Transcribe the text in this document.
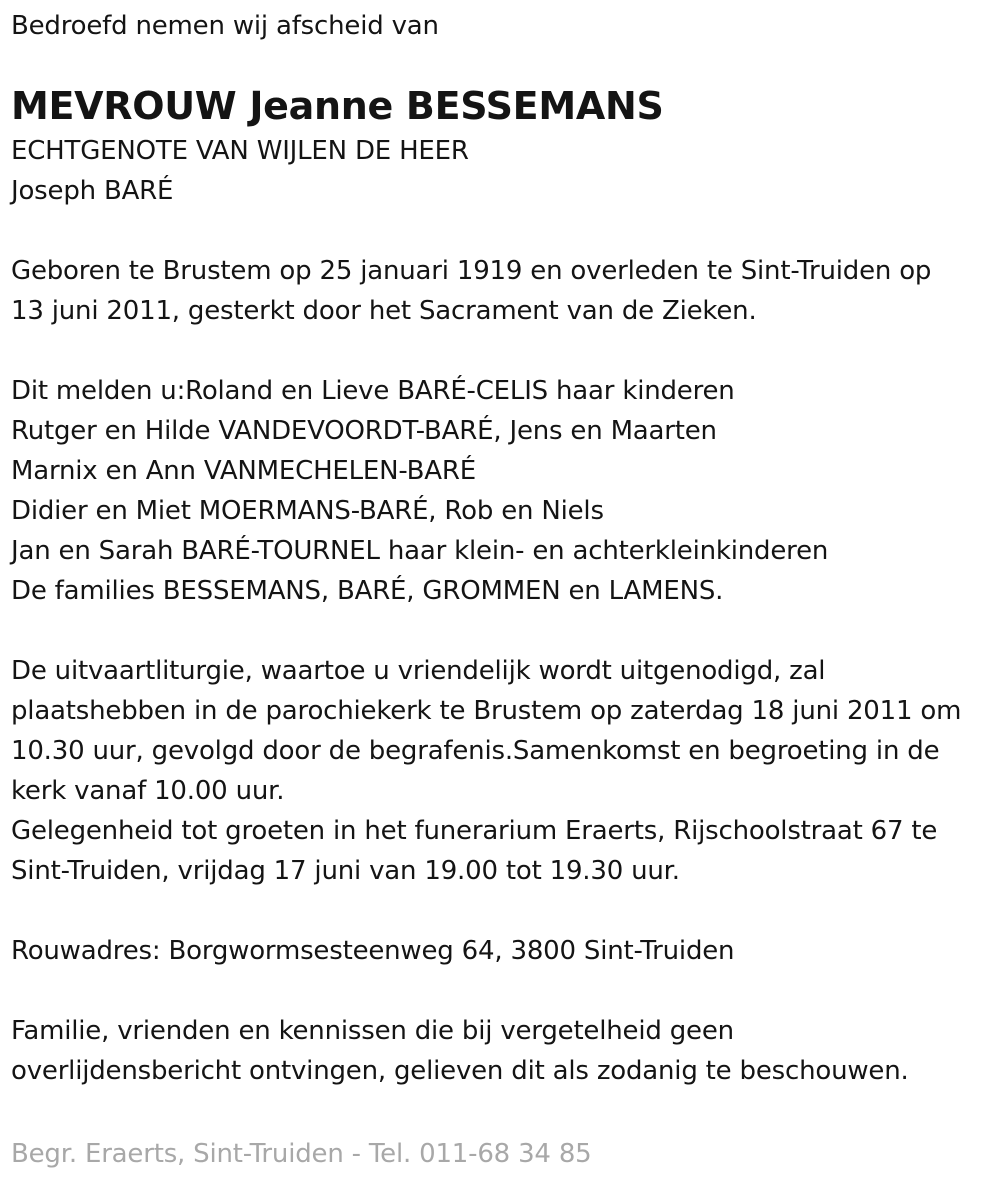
Bedroefd nemen wij afscheid van
MEVROUW Jeanne BESSEMANS
ECHTGENOTE VAN WIJLEN DE HEER
Joseph BARÉ
Geboren te Brustem op 25 januari 1919 en overleden te Sint-Truiden op
13 juni 2011, gesterkt door het Sacrament van de Zieken.
Dit melden u:Roland en Lieve BARÉ-CELIS haar kinderen
Rutger en Hilde VANDEVOORDT-BARÉ, Jens en Maarten
Marnix en Ann VANMECHELEN-BARÉ
Didier en Miet MOERMANS-BARÉ, Rob en Niels
Jan en Sarah BARÉ-TOURNEL haar klein- en achterkleinkinderen
De families BESSEMANS, BARÉ, GROMMEN en LAMENS.
De uitvaartliturgie, waartoe u vriendelijk wordt uitgenodigd, zal
plaatshebben in de parochiekerk te Brustem op zaterdag 18 juni 2011 om
10.30 uur, gevolgd door de begrafenis.Samenkomst en begroeting in de
kerk vanaf 10.00 uur.
Gelegenheid tot groeten in het funerarium Eraerts, Rijschoolstraat 67 te
Sint-Truiden, vrijdag 17 juni van 19.00 tot 19.30 uur.
Rouwadres: Borgwormsesteenweg 64, 3800 Sint-Truiden
Familie, vrienden en kennissen die bij vergetelheid geen
overlijdensbericht ontvingen, gelieven dit als zodanig te beschouwen.
Begr. Eraerts, Sint-Truiden - Tel. 011-68 34 85
